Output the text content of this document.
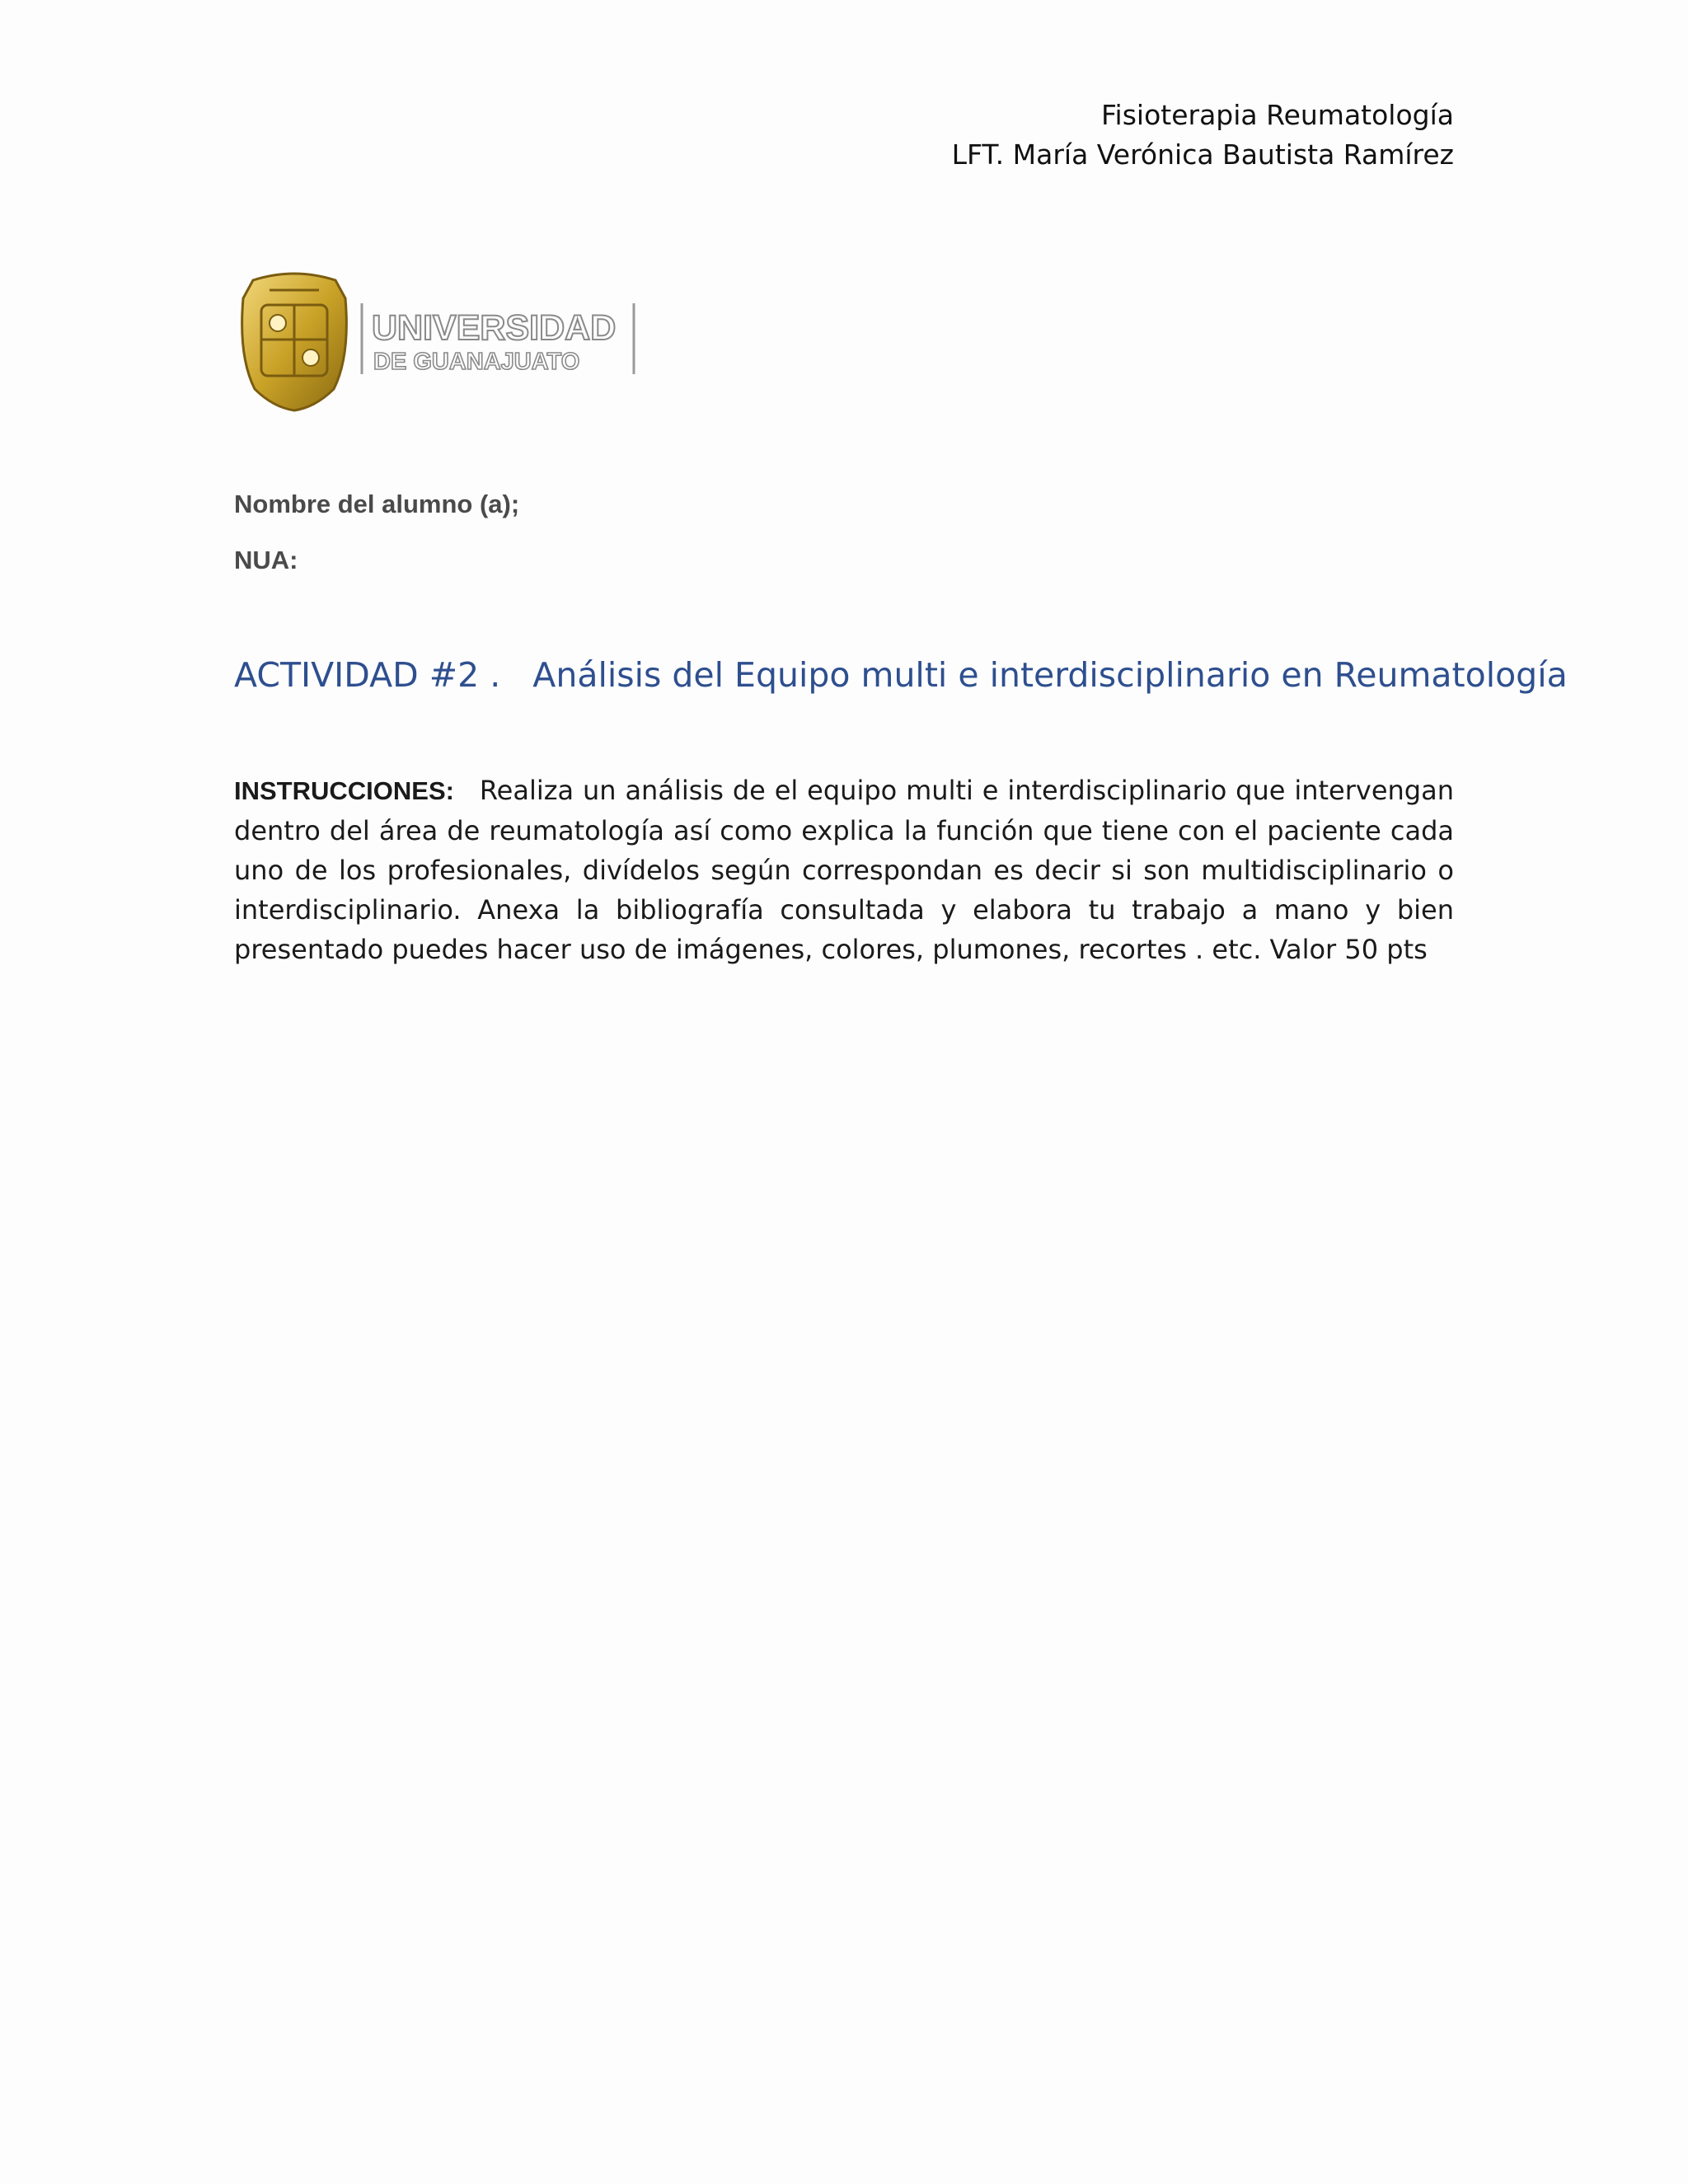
Fisioterapia Reumatología
LFT. María Verónica Bautista Ramírez
UNIVERSIDAD
DE GUANAJUATO
Nombre del alumno (a);
NUA:
ACTIVIDAD #2 . Análisis del Equipo multi e interdisciplinario en Reumatología
INSTRUCCIONES: Realiza un análisis de el equipo multi e interdisciplinario que intervengan dentro del área de reumatología así como explica la función que tiene con el paciente cada uno de los profesionales, divídelos según correspondan es decir si son multidisciplinario o interdisciplinario. Anexa la bibliografía consultada y elabora tu trabajo a mano y bien presentado puedes hacer uso de imágenes, colores, plumones, recortes . etc. Valor 50 pts
